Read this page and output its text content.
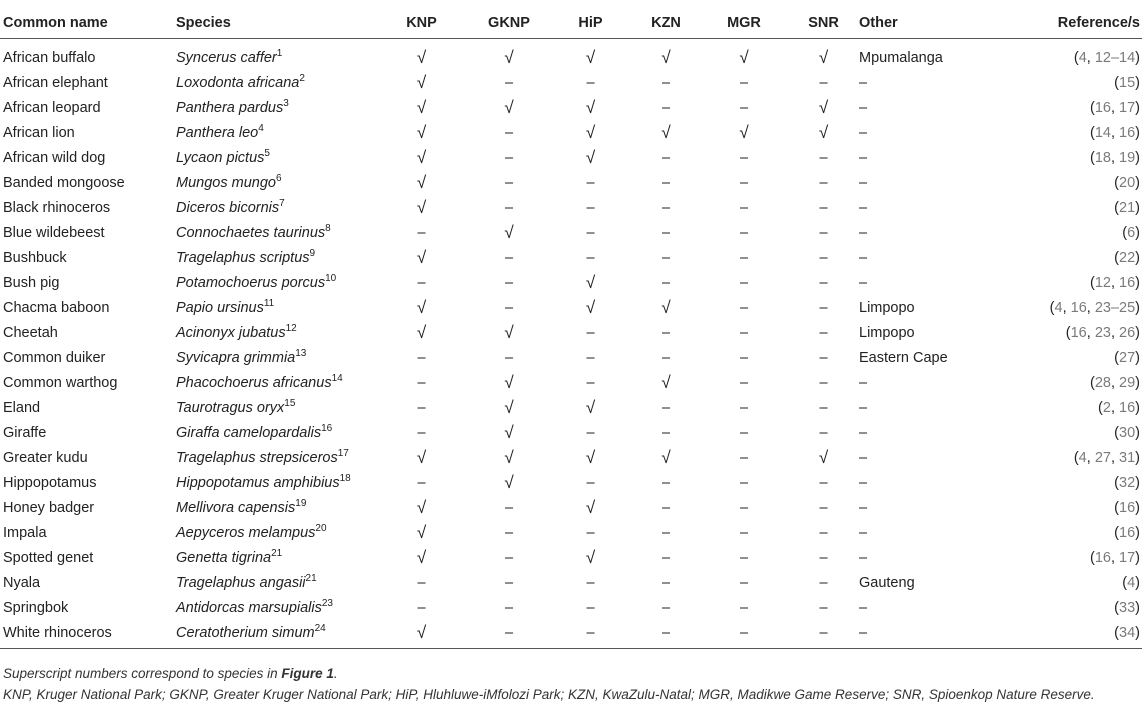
Common name	Species	KNP	GKNP	HiP	KZN	MGR	SNR	Other	Reference/s
African buffalo	Syncerus caffer$^1$	√	√	√	√	√	√	Mpumalanga	(4, 12–14)
African elephant	Loxodonta africana$^2$	√	–	–	–	–	–	–	(15)
African leopard	Panthera pardus$^3$	√	√	√	–	–	√	–	(16, 17)
African lion	Panthera leo$^4$	√	–	√	√	√	√	–	(14, 16)
African wild dog	Lycaon pictus$^5$	√	–	√	–	–	–	–	(18, 19)
Banded mongoose	Mungos mungo$^6$	√	–	–	–	–	–	–	(20)
Black rhinoceros	Diceros bicornis$^7$	√	–	–	–	–	–	–	(21)
Blue wildebeest	Connochaetes taurinus$^8$	–	√	–	–	–	–	–	(6)
Bushbuck	Tragelaphus scriptus$^9$	√	–	–	–	–	–	–	(22)
Bush pig	Potamochoerus porcus$^{10}$	–	–	√	–	–	–	–	(12, 16)
Chacma baboon	Papio ursinus$^{11}$	√	–	√	√	–	–	Limpopo	(4, 16, 23–25)
Cheetah	Acinonyx jubatus$^{12}$	√	√	–	–	–	–	Limpopo	(16, 23, 26)
Common duiker	Syvicapra grimmia$^{13}$	–	–	–	–	–	–	Eastern Cape	(27)
Common warthog	Phacochoerus africanus$^{14}$	–	√	–	√	–	–	–	(28, 29)
Eland	Taurotragus oryx$^{15}$	–	√	√	–	–	–	–	(2, 16)
Giraffe	Giraffa camelopardalis$^{16}$	–	√	–	–	–	–	–	(30)
Greater kudu	Tragelaphus strepsiceros$^{17}$	√	√	√	√	–	√	–	(4, 27, 31)
Hippopotamus	Hippopotamus amphibius$^{18}$	–	√	–	–	–	–	–	(32)
Honey badger	Mellivora capensis$^{19}$	√	–	√	–	–	–	–	(16)
Impala	Aepyceros melampus$^{20}$	√	–	–	–	–	–	–	(16)
Spotted genet	Genetta tigrina$^{21}$	√	–	√	–	–	–	–	(16, 17)
Nyala	Tragelaphus angasii$^{21}$	–	–	–	–	–	–	Gauteng	(4)
Springbok	Antidorcas marsupialis$^{23}$	–	–	–	–	–	–	–	(33)
White rhinoceros	Ceratotherium simum$^{24}$	√	–	–	–	–	–	–	(34)
Superscript numbers correspond to species in Figure 1.
KNP, Kruger National Park; GKNP, Greater Kruger National Park; HiP, Hluhluwe-iMfolozi Park; KZN, KwaZulu-Natal; MGR, Madikwe Game Reserve; SNR, Spioenkop Nature Reserve.
